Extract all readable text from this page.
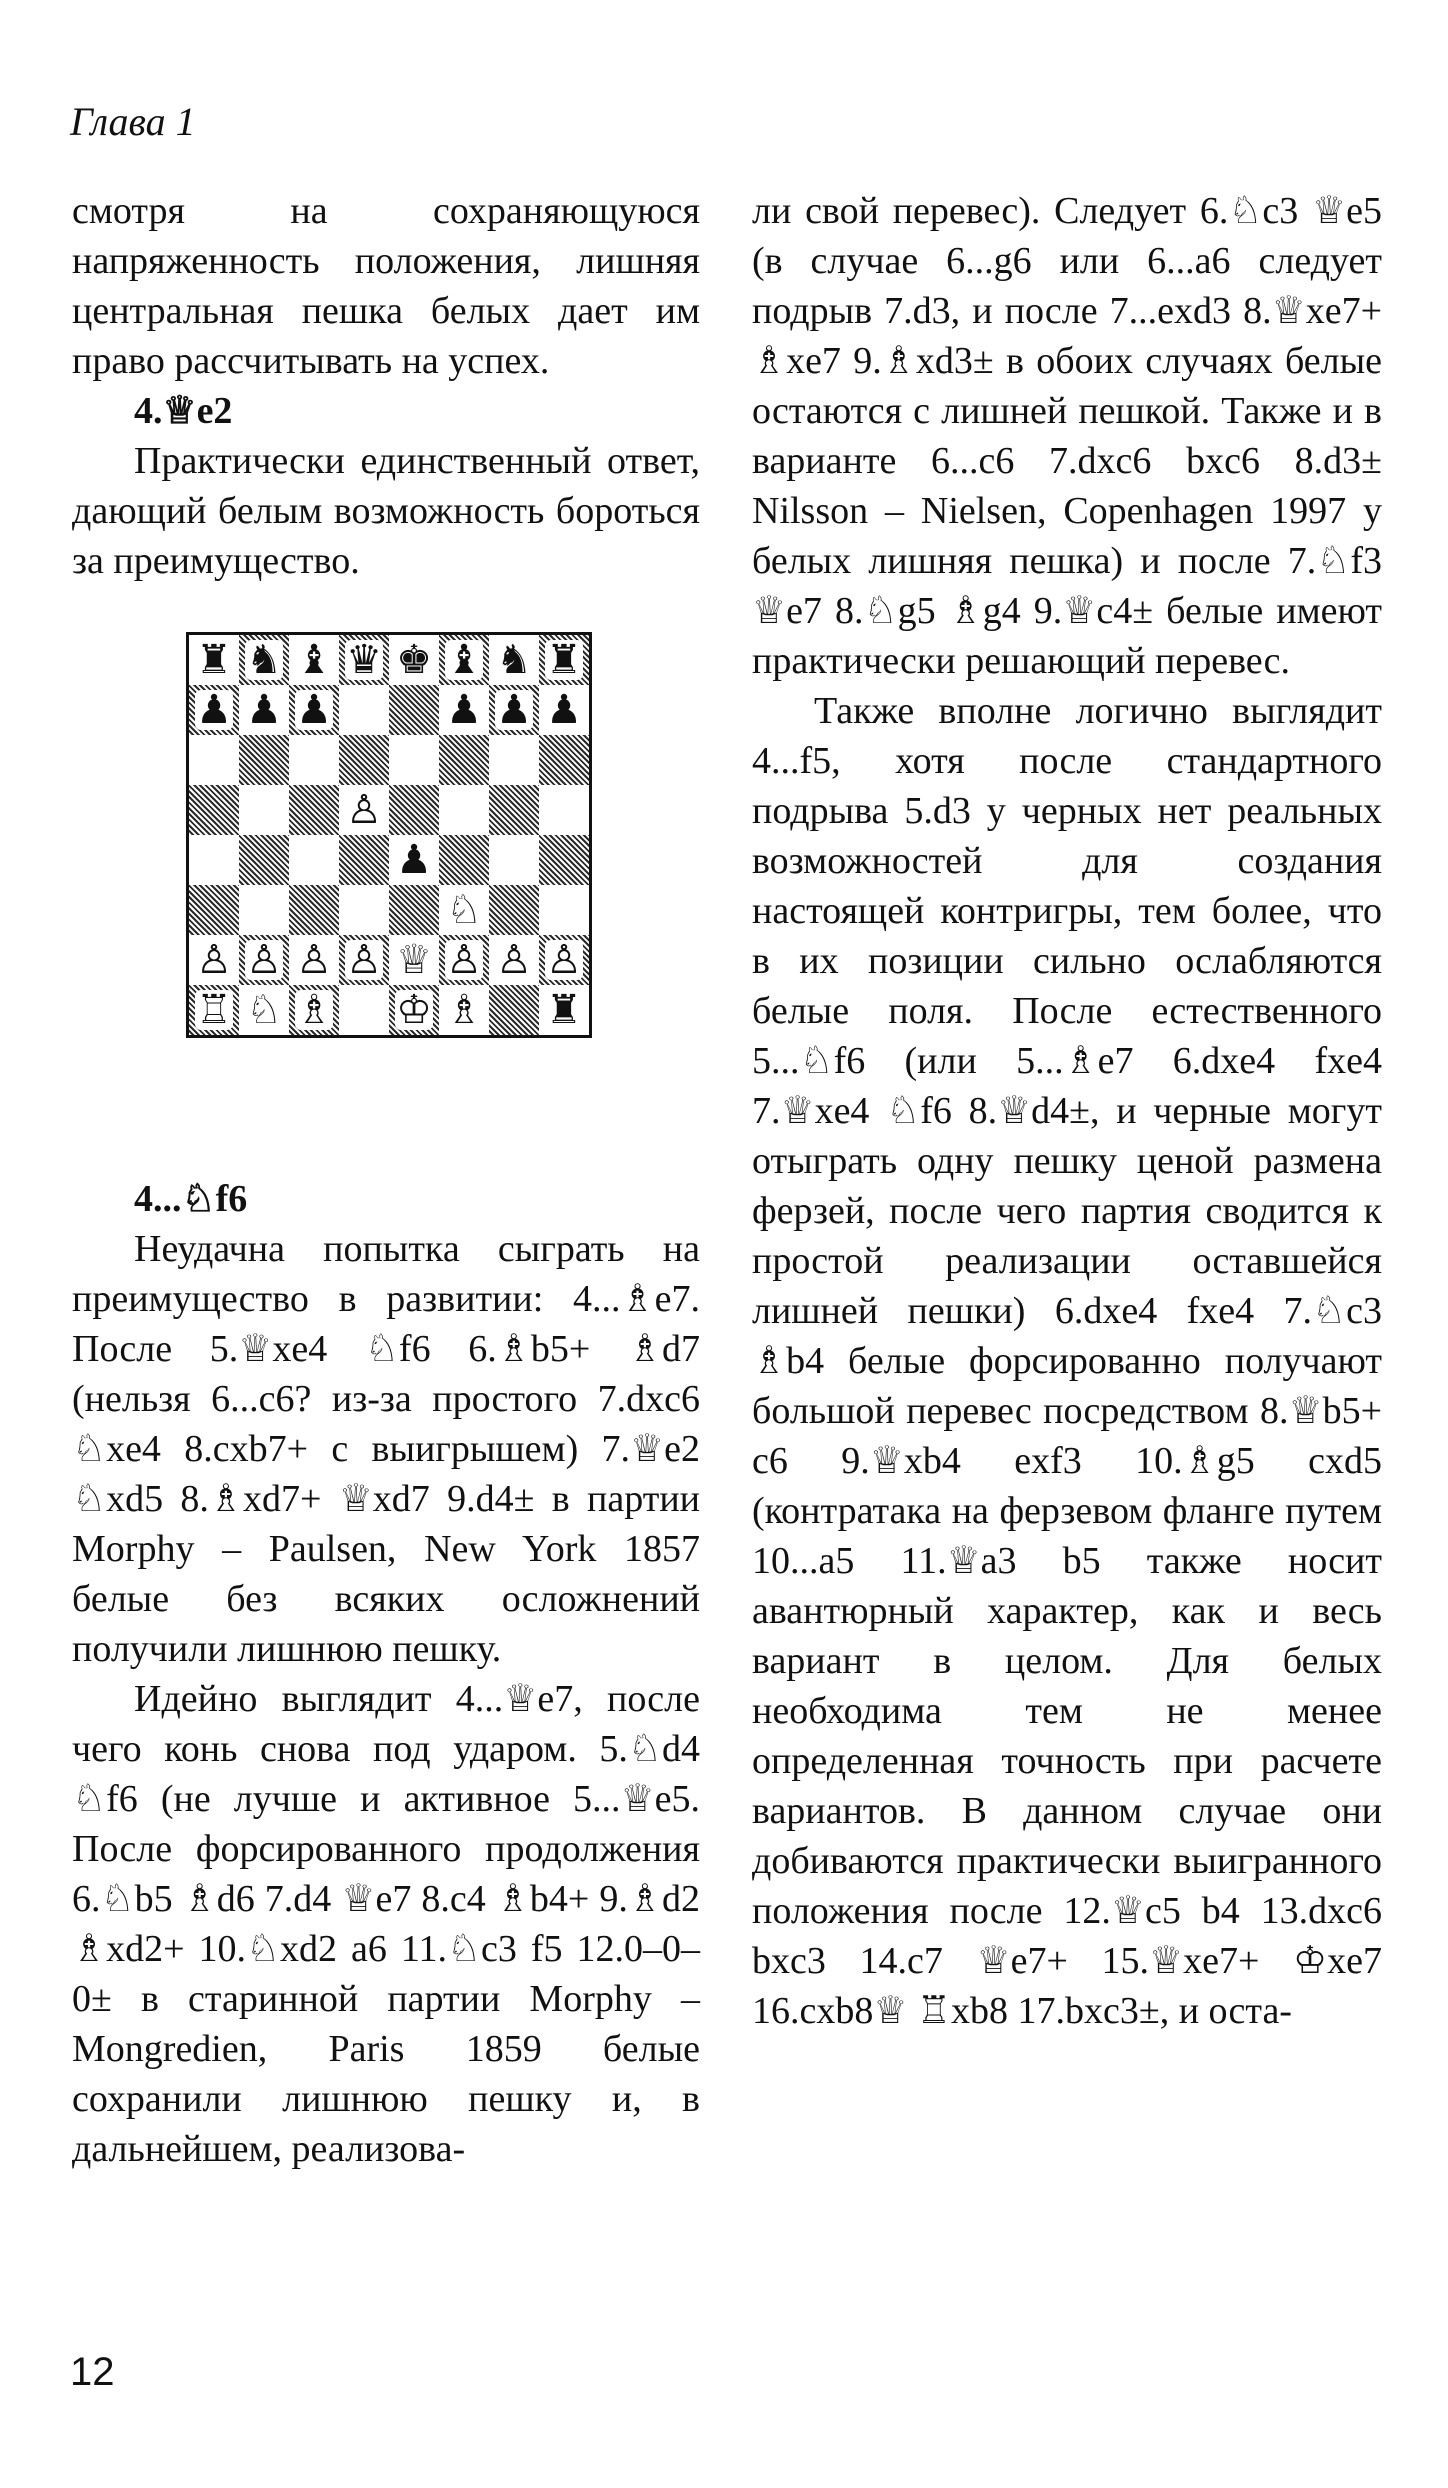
Глава 1

смотря на сохраняющуюся напряженность положения, лишняя центральная пешка белых дает им право рассчитывать на успех.

4.♕e2

Практически единственный ответ, дающий белым возможность бороться за преимущество.

♜ ♞ ♝ ♛ ♚ ♝ ♞ ♜
♟ ♟ ♟	♟ ♟ ♟
♙
♟
♘
♙ ♙ ♙ ♙ ♕ ♙ ♙ ♙
♖ ♘ ♗ ♔ ♗ ♜

4...♘f6

Неудачна попытка сыграть на преимущество в развитии: 4...♗e7. После 5.♕xe4 ♘f6 6.♗b5+ ♗d7 (нельзя 6...c6? из-за простого 7.dxc6 ♘xe4 8.cxb7+ с выигрышем) 7.♕e2 ♘xd5 8.♗xd7+ ♕xd7 9.d4± в партии Morphy – Paulsen, New York 1857 белые без всяких осложнений получили лишнюю пешку.

Идейно выглядит 4...♕e7, после чего конь снова под ударом. 5.♘d4 ♘f6 (не лучше и активное 5...♕e5. После форсированного продолжения 6.♘b5 ♗d6 7.d4 ♕e7 8.c4 ♗b4+ 9.♗d2 ♗xd2+ 10.♘xd2 a6 11.♘c3 f5 12.0–0–0± в старинной партии Morphy – Mongredien, Paris 1859 белые сохранили лишнюю пешку и, в дальнейшем, реализова-

ли свой перевес). Следует 6.♘c3 ♕e5 (в случае 6...g6 или 6...a6 следует подрыв 7.d3, и после 7...exd3 8.♕xe7+ ♗xe7 9.♗xd3± в обоих случаях белые остаются с лишней пешкой. Также и в варианте 6...c6 7.dxc6 bxc6 8.d3± Nilsson – Nielsen, Copenhagen 1997 у белых лишняя пешка) и после 7.♘f3 ♕e7 8.♘g5 ♗g4 9.♕c4± белые имеют практически решающий перевес.

Также вполне логично выглядит 4...f5, хотя после стандартного подрыва 5.d3 у черных нет реальных возможностей для создания настоящей контригры, тем более, что в их позиции сильно ослабляются белые поля. После естественного 5...♘f6 (или 5...♗e7 6.dxe4 fxe4 7.♕xe4 ♘f6 8.♕d4±, и черные могут отыграть одну пешку ценой размена ферзей, после чего партия сводится к простой реализации оставшейся лишней пешки) 6.dxe4 fxe4 7.♘c3 ♗b4 белые форсированно получают большой перевес посредством 8.♕b5+ c6 9.♕xb4 exf3 10.♗g5 cxd5 (контратака на ферзевом фланге путем 10...a5 11.♕a3 b5 также носит авантюрный характер, как и весь вариант в целом. Для белых необходима тем не менее определенная точность при расчете вариантов. В данном случае они добиваются практически выигранного положения после 12.♕c5 b4 13.dxc6 bxc3 14.c7 ♕e7+ 15.♕xe7+ ♔xe7 16.cxb8♕ ♖xb8 17.bxc3±, и оста-

12
